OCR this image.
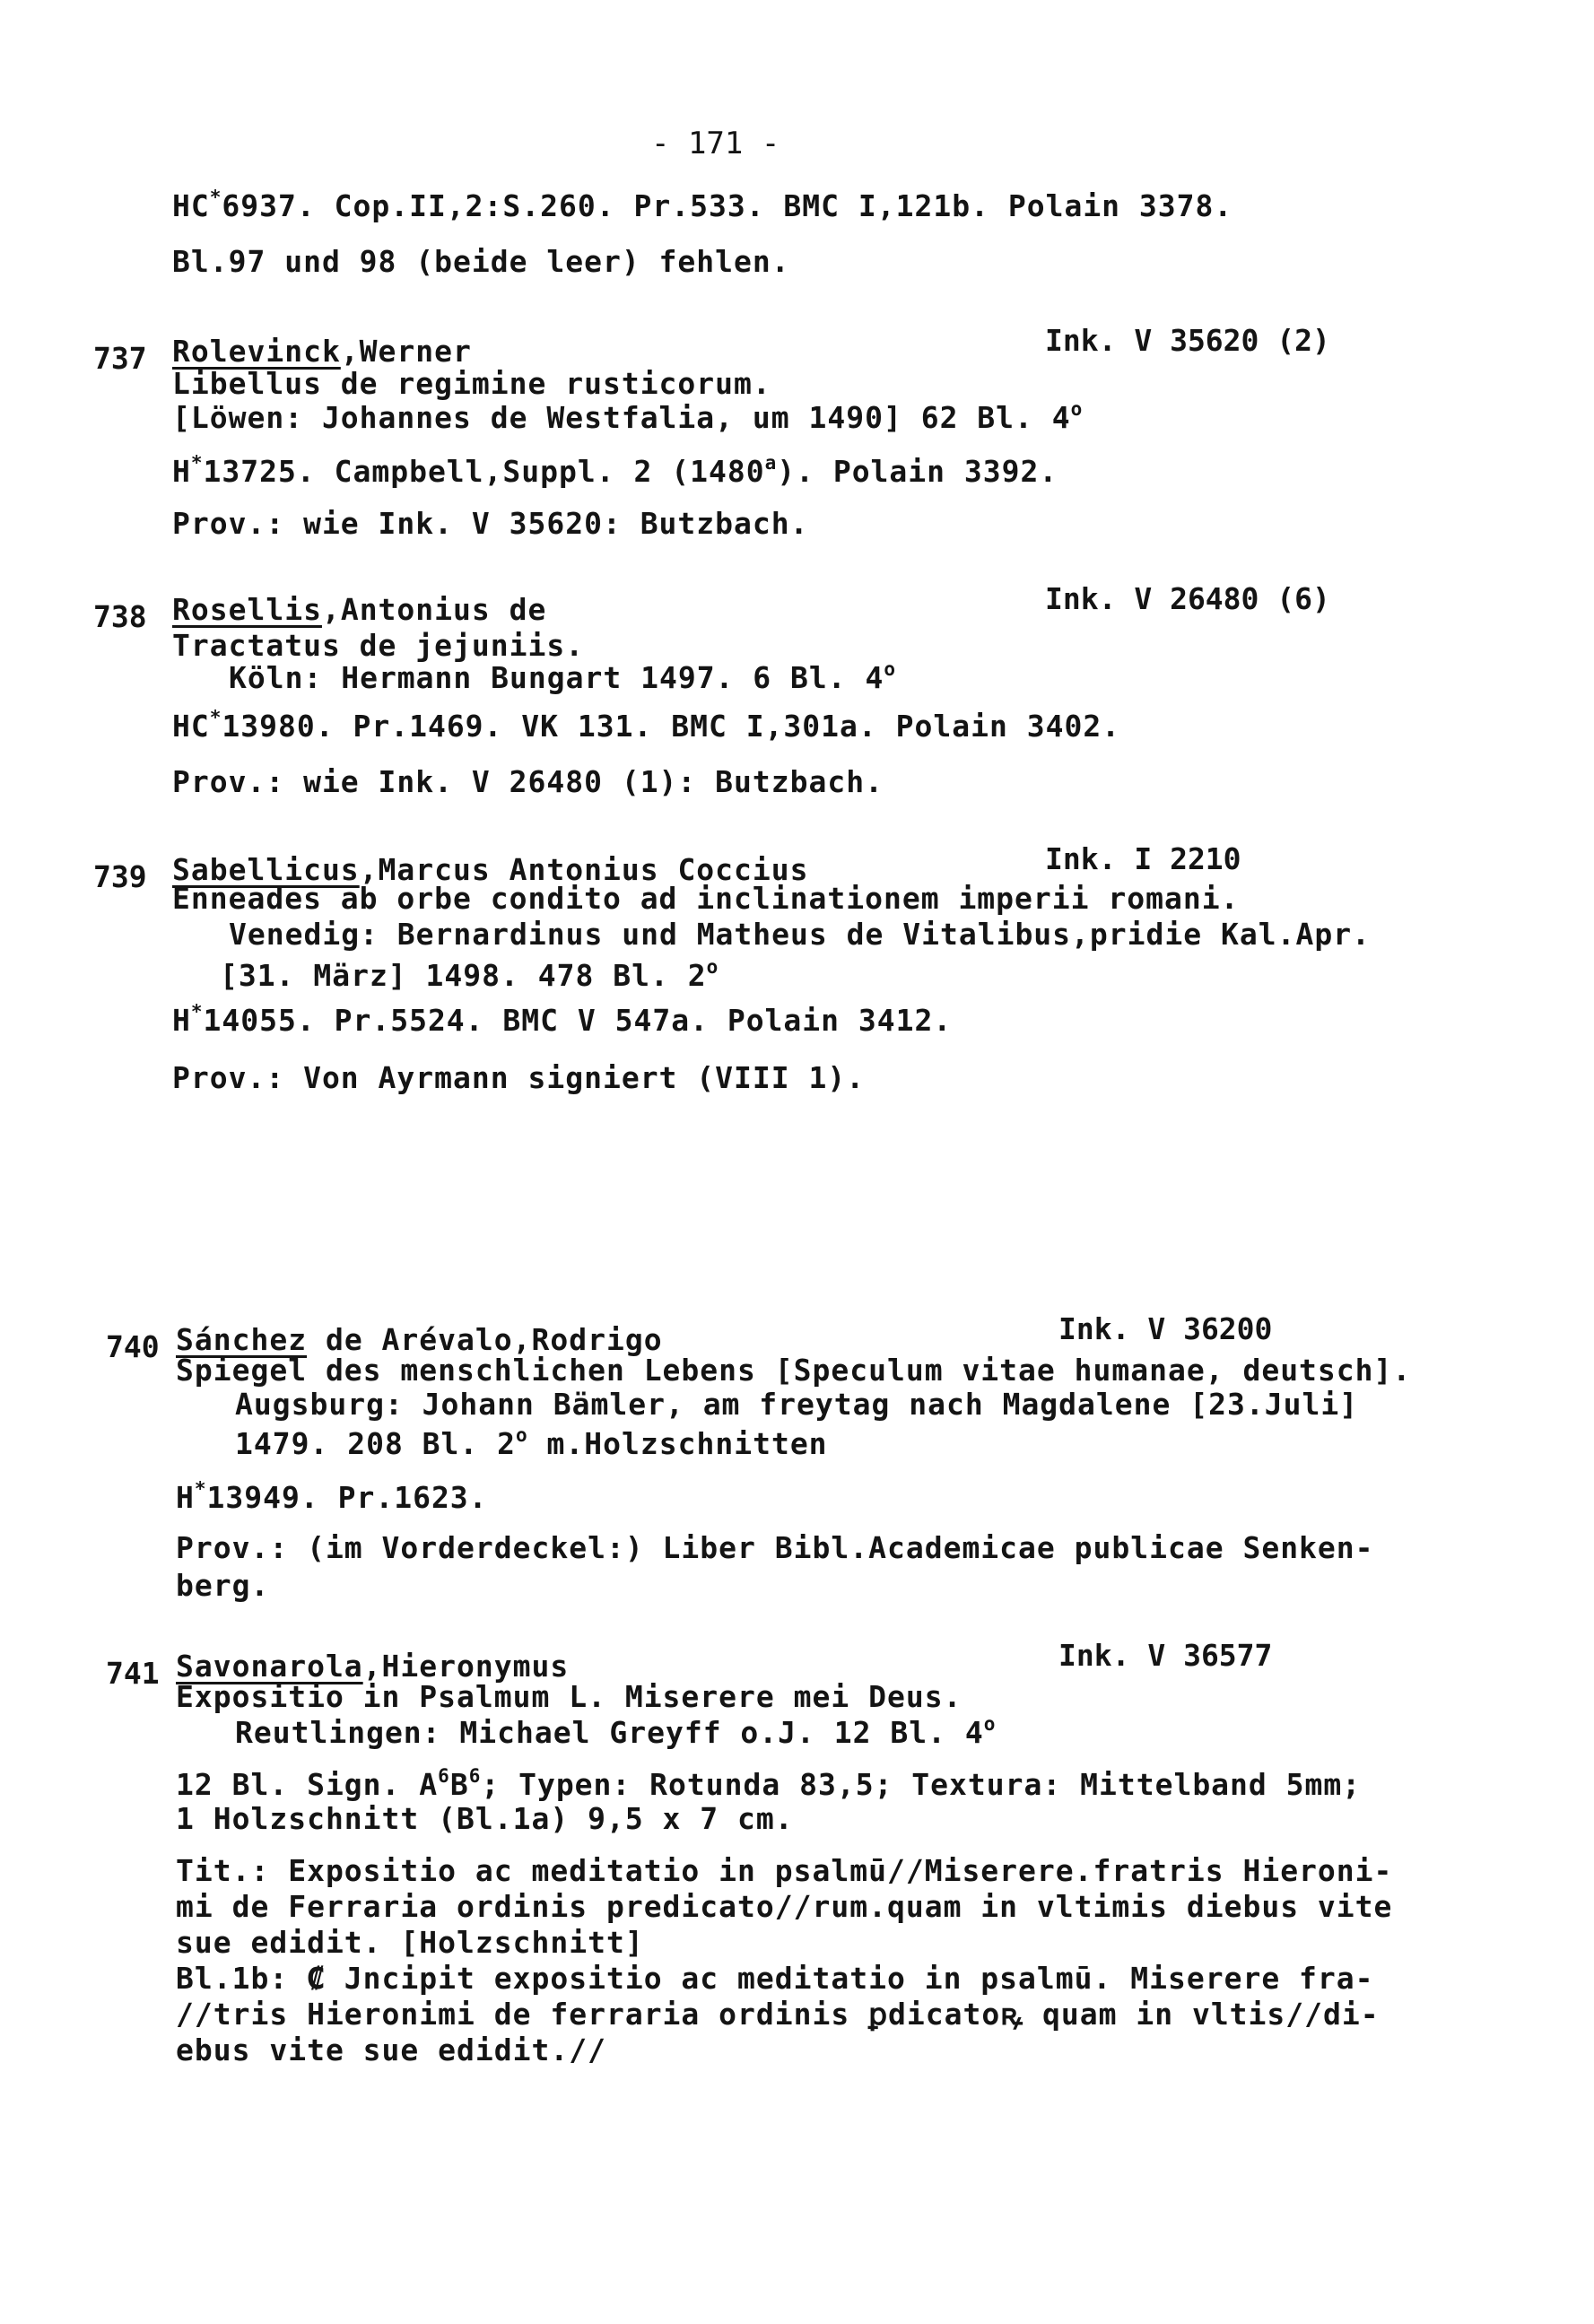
- 171 -
HC*6937. Cop.II,2:S.260. Pr.533. BMC I,121b. Polain 3378.
Bl.97 und 98 (beide leer) fehlen.
737 Rolevinck,Werner	Ink. V 35620 (2)
Libellus de regimine rusticorum.
[Löwen: Johannes de Westfalia, um 1490] 62 Bl. 4$^o$
H*13725. Campbell,Suppl. 2 (1480$^a$). Polain 3392.
Prov.: wie Ink. V 35620: Butzbach.
738 Rosellis,Antonius de	Ink. V 26480 (6)
Tractatus de jejuniis.
Köln: Hermann Bungart 1497. 6 Bl. 4$^o$
HC*13980. Pr.1469. VK 131. BMC I,301a. Polain 3402.
Prov.: wie Ink. V 26480 (1): Butzbach.
739 Sabellicus,Marcus Antonius Coccius	Ink. I 2210
Enneades ab orbe condito ad inclinationem imperii romani.
Venedig: Bernardinus und Matheus de Vitalibus,pridie Kal.Apr.
[31. März] 1498. 478 Bl. 2$^o$
H*14055. Pr.5524. BMC V 547a. Polain 3412.
Prov.: Von Ayrmann signiert (VIII 1).
740 Sánchez de Arévalo,Rodrigo	Ink. V 36200
Spiegel des menschlichen Lebens [Speculum vitae humanae, deutsch].
Augsburg: Johann Bämler, am freytag nach Magdalene [23.Juli]
1479. 208 Bl. 2$^o$ m.Holzschnitten
H*13949. Pr.1623.
Prov.: (im Vorderdeckel:) Liber Bibl.Academicae publicae Senken-
berg.
741 Savonarola,Hieronymus	Ink. V 36577
Expositio in Psalmum L. Miserere mei Deus.
Reutlingen: Michael Greyff o.J. 12 Bl. 4$^o$
12 Bl. Sign. $A^6B^6$; Typen: Rotunda 83,5; Textura: Mittelband 5mm;
1 Holzschnitt (Bl.1a) 9,5 x 7 cm.
Tit.: Expositio ac meditatio in psalmū//Miserere.fratris Hieroni-
mi de Ferraria ordinis predicato//rum.quam in vltimis diebus vite
sue edidit. [Holzschnitt]
Bl.1b: ₡ Jncipit expositio ac meditatio in psalmū. Miserere fra-
//tris Hieronimi de ferraria ordinis ꝑdicatoꝶ quam in vltis//di-
ebus vite sue edidit.//
